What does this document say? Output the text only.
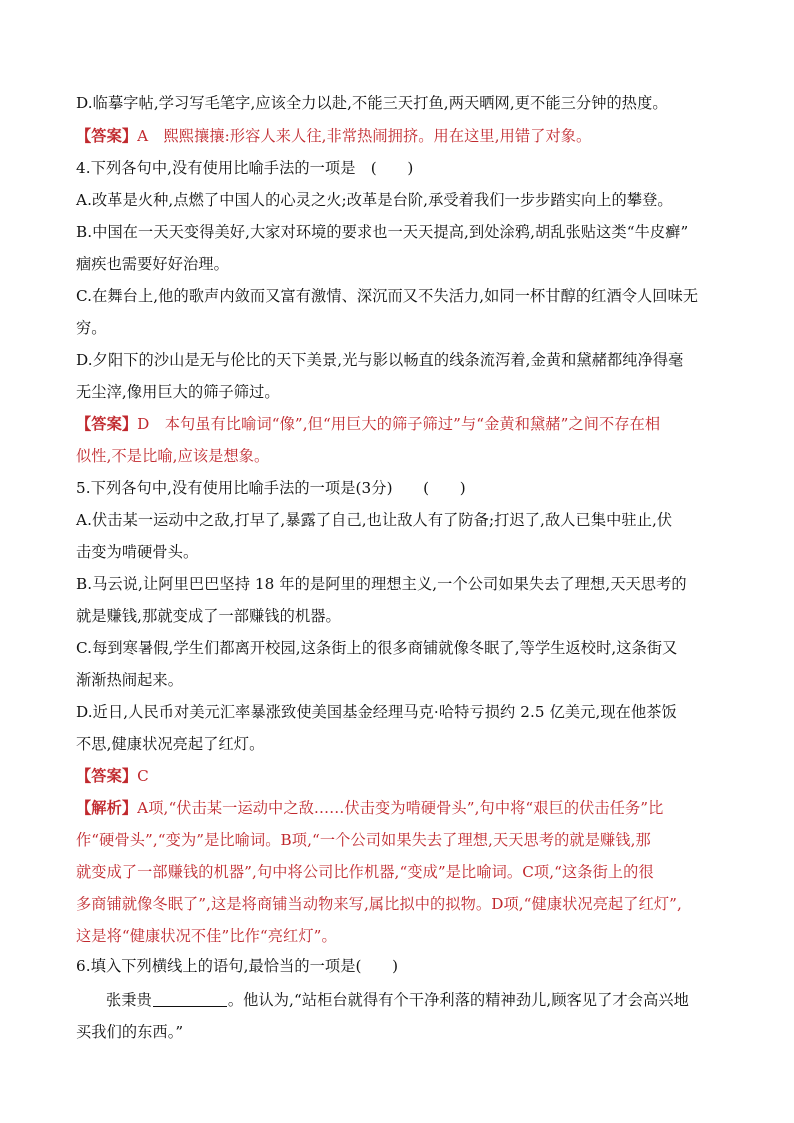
D.临摹字帖,学习写毛笔字,应该全力以赴,不能三天打鱼,两天晒网,更不能三分钟的热度。
【答案】A　熙熙攘攘:形容人来人往,非常热闹拥挤。用在这里,用错了对象。
4.下列各句中,没有使用比喻手法的一项是　(　　)
A.改革是火种,点燃了中国人的心灵之火;改革是台阶,承受着我们一步步踏实向上的攀登。
B.中国在一天天变得美好,大家对环境的要求也一天天提高,到处涂鸦,胡乱张贴这类“牛皮癣”
痼疾也需要好好治理。
C.在舞台上,他的歌声内敛而又富有激情、深沉而又不失活力,如同一杯甘醇的红酒令人回味无
穷。
D.夕阳下的沙山是无与伦比的天下美景,光与影以畅直的线条流泻着,金黄和黛赭都纯净得毫
无尘滓,像用巨大的筛子筛过。
【答案】D　本句虽有比喻词“像”,但“用巨大的筛子筛过”与“金黄和黛赭”之间不存在相
似性,不是比喻,应该是想象。
5.下列各句中,没有使用比喻手法的一项是(3分)　　(　　)
A.伏击某一运动中之敌,打早了,暴露了自己,也让敌人有了防备;打迟了,敌人已集中驻止,伏
击变为啃硬骨头。
B.马云说,让阿里巴巴坚持 18 年的是阿里的理想主义,一个公司如果失去了理想,天天思考的
就是赚钱,那就变成了一部赚钱的机器。
C.每到寒暑假,学生们都离开校园,这条街上的很多商铺就像冬眠了,等学生返校时,这条街又
渐渐热闹起来。
D.近日,人民币对美元汇率暴涨致使美国基金经理马克·哈特亏损约 2.5 亿美元,现在他茶饭
不思,健康状况亮起了红灯。
【答案】C
【解析】A项,“伏击某一运动中之敌……伏击变为啃硬骨头”,句中将“艰巨的伏击任务”比
作“硬骨头”,“变为”是比喻词。B项,“一个公司如果失去了理想,天天思考的就是赚钱,那
就变成了一部赚钱的机器”,句中将公司比作机器,“变成”是比喻词。C项,“这条街上的很
多商铺就像冬眠了”,这是将商铺当动物来写,属比拟中的拟物。D项,“健康状况亮起了红灯”,
这是将“健康状况不佳”比作“亮红灯”。
6.填入下列横线上的语句,最恰当的一项是(　　)
张秉贵	。他认为,“站柜台就得有个干净利落的精神劲儿,顾客见了才会高兴地
买我们的东西。”
